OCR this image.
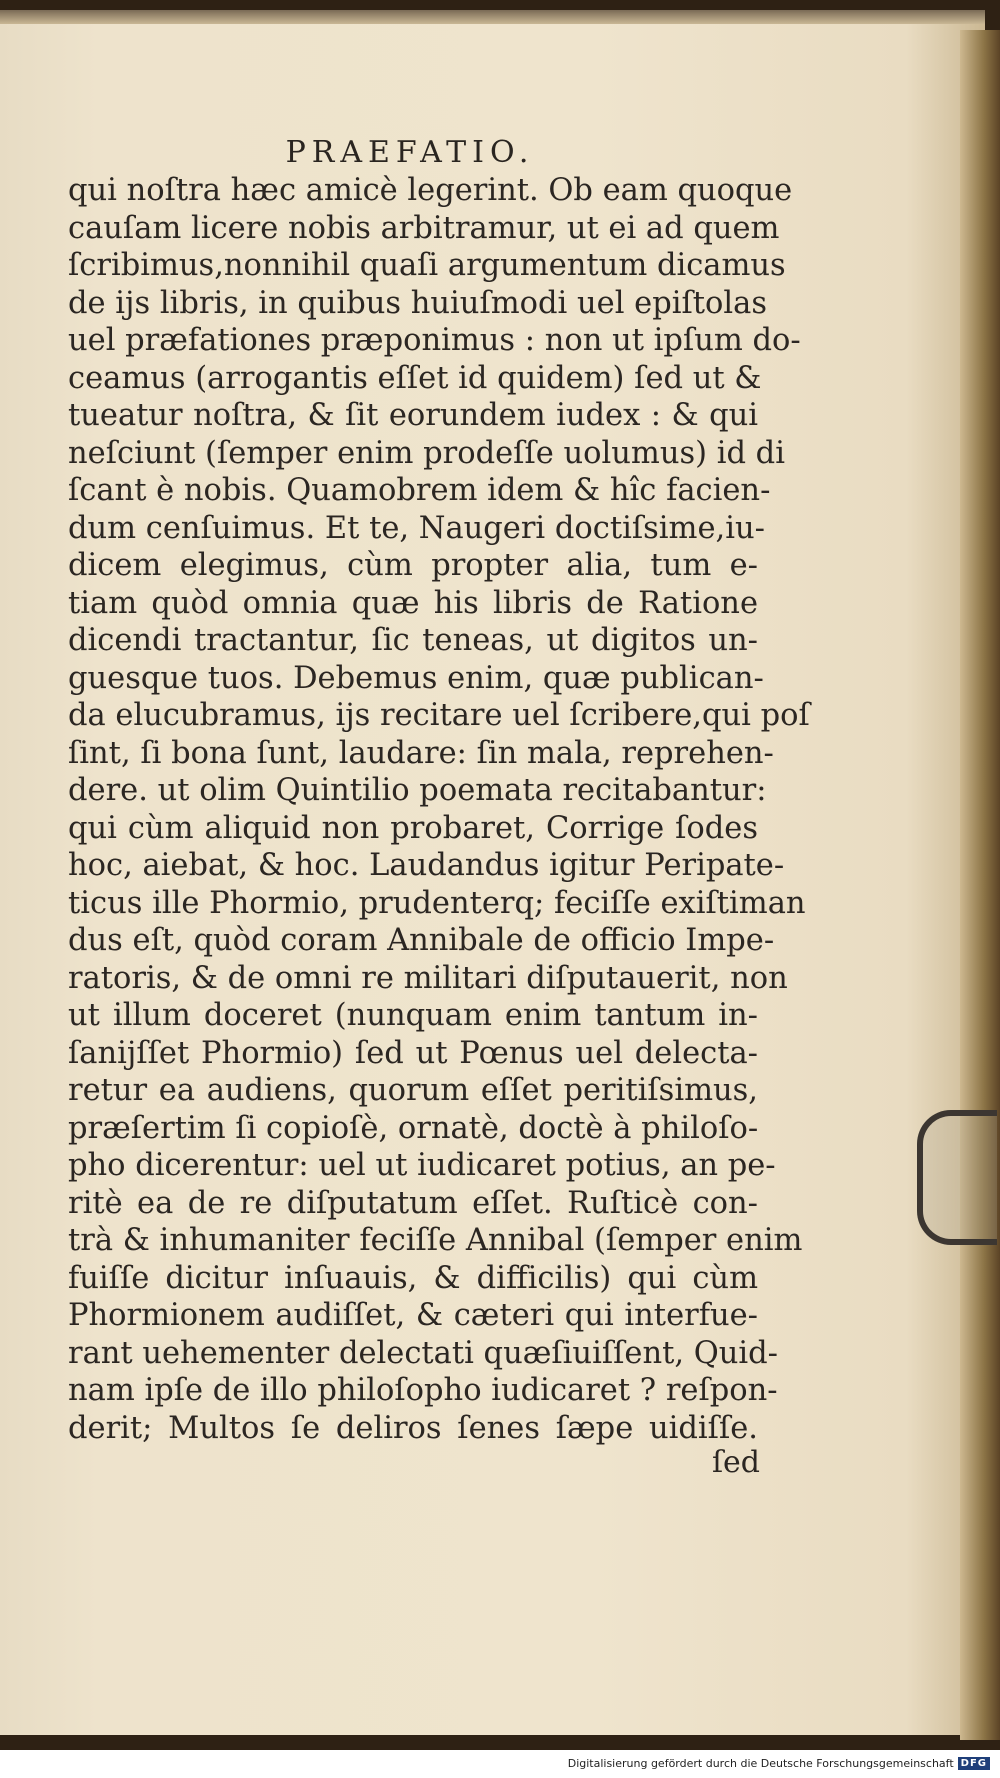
PRAEFATIO.
qui noſtra hæc amicè legerint. Ob eam quoque
cauſam licere nobis arbitramur, ut ei ad quem
ſcribimus,nonnihil quaſi argumentum dicamus
de ijs libris, in quibus huiuſmodi uel epiſtolas
uel præfationes præponimus : non ut ipſum do-
ceamus (arrogantis eſſet id quidem) ſed ut &
tueatur noſtra, & ſit eorundem iudex : & qui
neſciunt (ſemper enim prodeſſe uolumus) id di
ſcant è nobis. Quamobrem idem & hîc facien-
dum cenſuimus. Et te, Naugeri doctiſsime,iu-
dicem elegimus, cùm propter alia, tum e-
tiam quòd omnia quæ his libris de Ratione
dicendi tractantur, ſic teneas, ut digitos un-
guesque tuos. Debemus enim, quæ publican-
da elucubramus, ijs recitare uel ſcribere,qui poſ
ſint, ſi bona ſunt, laudare: ſin mala, reprehen-
dere. ut olim Quintilio poemata recitabantur:
qui cùm aliquid non probaret, Corrige ſodes
hoc, aiebat, & hoc. Laudandus igitur Peripate-
ticus ille Phormio, prudenterq; feciſſe exiſtiman
dus eſt, quòd coram Annibale de officio Impe-
ratoris, & de omni re militari diſputauerit, non
ut illum doceret (nunquam enim tantum in-
ſanijſſet Phormio) ſed ut Pœnus uel delecta-
retur ea audiens, quorum eſſet peritiſsimus,
præſertim ſi copioſè, ornatè, doctè à philoſo-
pho dicerentur: uel ut iudicaret potius, an pe-
ritè ea de re diſputatum eſſet. Ruſticè con-
trà & inhumaniter feciſſe Annibal (ſemper enim
fuiſſe dicitur inſuauis, & difficilis) qui cùm
Phormionem audiſſet, & cæteri qui interfue-
rant uehementer delectati quæſiuiſſent, Quid-
nam ipſe de illo philoſopho iudicaret ? reſpon-
derit; Multos ſe deliros ſenes ſæpe uidiſſe.
ſed
Digitalisierung gefördert durch die Deutsche Forschungsgemeinschaft DFG
